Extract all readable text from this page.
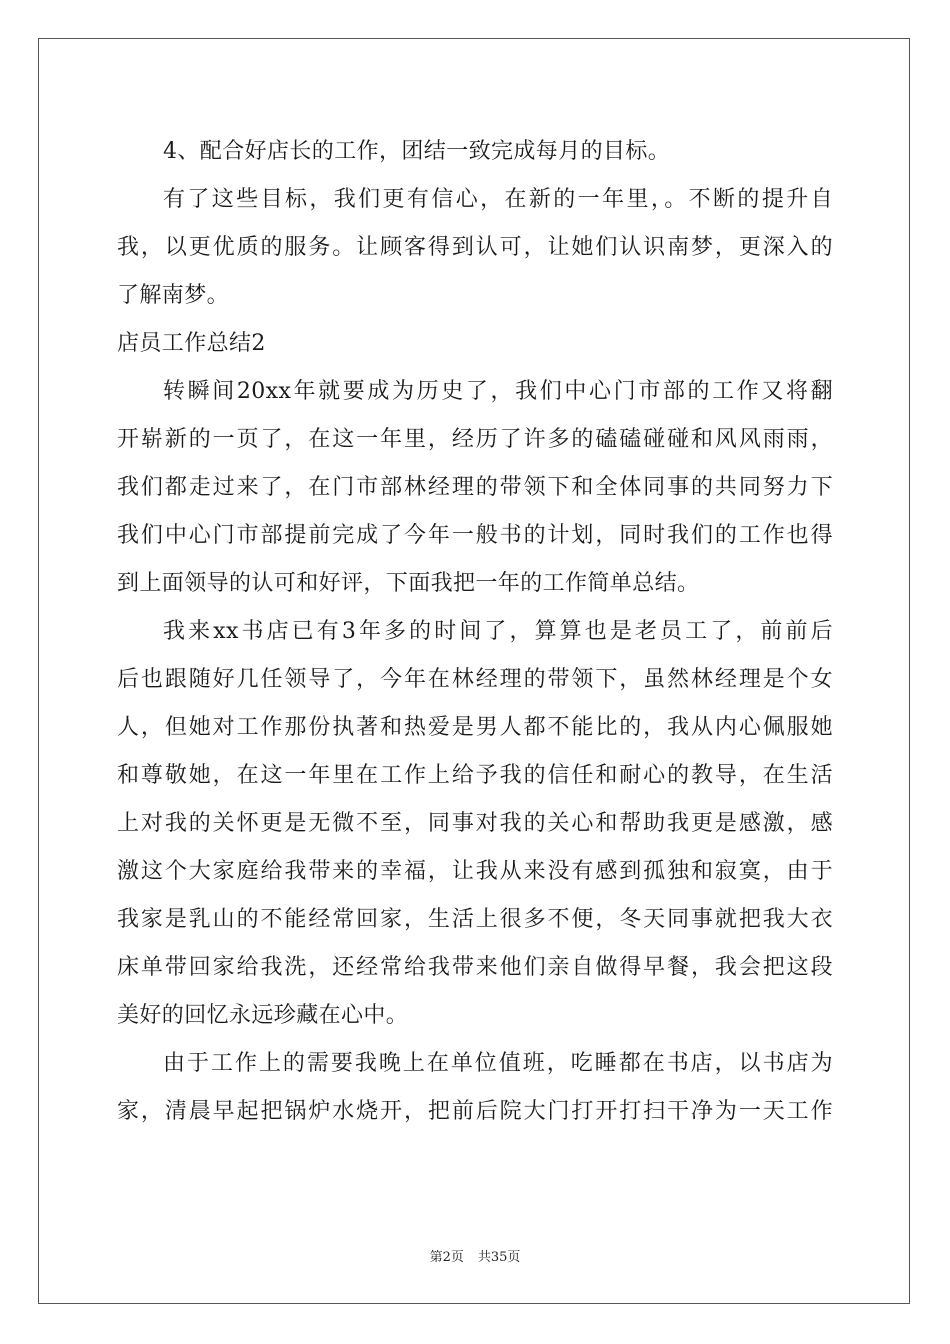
4、配合好店长的工作，团结一致完成每月的目标。
有了这些目标，我们更有信心，在新的一年里，。不断的提升自
我，以更优质的服务。让顾客得到认可，让她们认识南梦，更深入的
了解南梦。
店员工作总结2
转瞬间20xx年就要成为历史了，我们中心门市部的工作又将翻
开崭新的一页了，在这一年里，经历了许多的磕磕碰碰和风风雨雨，
我们都走过来了，在门市部林经理的带领下和全体同事的共同努力下
我们中心门市部提前完成了今年一般书的计划，同时我们的工作也得
到上面领导的认可和好评，下面我把一年的工作简单总结。
我来xx书店已有3年多的时间了，算算也是老员工了，前前后
后也跟随好几任领导了，今年在林经理的带领下，虽然林经理是个女
人，但她对工作那份执著和热爱是男人都不能比的，我从内心佩服她
和尊敬她，在这一年里在工作上给予我的信任和耐心的教导，在生活
上对我的关怀更是无微不至，同事对我的关心和帮助我更是感激，感
激这个大家庭给我带来的幸福，让我从来没有感到孤独和寂寞，由于
我家是乳山的不能经常回家，生活上很多不便，冬天同事就把我大衣
床单带回家给我洗，还经常给我带来他们亲自做得早餐，我会把这段
美好的回忆永远珍藏在心中。
由于工作上的需要我晚上在单位值班，吃睡都在书店，以书店为
家，清晨早起把锅炉水烧开，把前后院大门打开打扫干净为一天工作
第2页 共35页
